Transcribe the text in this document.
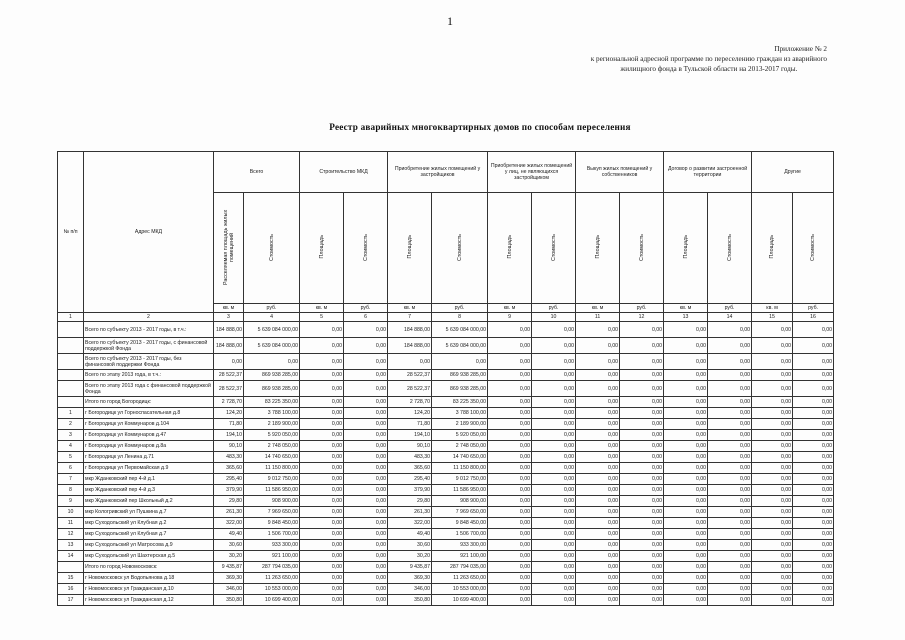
1
Приложение № 2
к региональной адресной программе по переселению граждан из аварийного
жилищного фонда в Тульской области на 2013-2017 годы.
Реестр аварийных многоквартирных домов по способам переселения
№ п/п	Адрес МКД	Всего		Строительство МКД		Приобретение жилых помещений у застройщиков		Приобретение жилых помещений у лиц, не являющихся застройщиком		Выкуп жилых помещений у собственников		Договор о развитии застроенной территории		Другие	
		Расселяемая площадь жилых помещений	Стоимость	Площадь	Стоимость	Площадь	Стоимость	Площадь	Стоимость	Площадь	Стоимость	Площадь	Стоимость	Площадь	Стоимость
		кв. м	руб.	кв. м	руб.	кв. м	руб.	кв. м	руб.	кв. м	руб.	кв. м	руб.	кв. м	руб.
1	2	3	4	5	6	7	8	9	10	11	12	13	14	15	16
	Всего по субъекту 2013 - 2017 годы, в т.ч.:	184 888,00	5 639 084 000,00	0,00	0,00	184 888,00	5 639 084 000,00	0,00	0,00	0,00	0,00	0,00	0,00	0,00	0,00
	Всего по субъекту 2013 - 2017 годы, с финансовой поддержкой Фонда	184 888,00	5 639 084 000,00	0,00	0,00	184 888,00	5 639 084 000,00	0,00	0,00	0,00	0,00	0,00	0,00	0,00	0,00
	Всего по субъекту 2013 - 2017 годы, без финансовой поддержки Фонда	0,00	0,00	0,00	0,00	0,00	0,00	0,00	0,00	0,00	0,00	0,00	0,00	0,00	0,00
	Всего по этапу 2013 года, в т.ч.:	28 522,37	869 938 285,00	0,00	0,00	28 522,37	869 938 285,00	0,00	0,00	0,00	0,00	0,00	0,00	0,00	0,00
	Всего по этапу 2013 года с финансовой поддержкой Фонда	28 522,37	869 938 285,00	0,00	0,00	28 522,37	869 938 285,00	0,00	0,00	0,00	0,00	0,00	0,00	0,00	0,00
	Итого по город Богородицк:	2 728,70	83 225 350,00	0,00	0,00	2 728,70	83 225 350,00	0,00	0,00	0,00	0,00	0,00	0,00	0,00	0,00
1	г Богородицк ул Горноспасательная д.8	124,20	3 788 100,00	0,00	0,00	124,20	3 788 100,00	0,00	0,00	0,00	0,00	0,00	0,00	0,00	0,00
2	г Богородицк ул Коммунаров д.104	71,80	2 189 900,00	0,00	0,00	71,80	2 189 900,00	0,00	0,00	0,00	0,00	0,00	0,00	0,00	0,00
3	г Богородицк ул Коммунаров д.47	194,10	5 920 050,00	0,00	0,00	194,10	5 920 050,00	0,00	0,00	0,00	0,00	0,00	0,00	0,00	0,00
4	г Богородицк ул Коммунаров д.8а	90,10	2 748 050,00	0,00	0,00	90,10	2 748 050,00	0,00	0,00	0,00	0,00	0,00	0,00	0,00	0,00
5	г Богородицк ул Ленина д.71	483,30	14 740 650,00	0,00	0,00	483,30	14 740 650,00	0,00	0,00	0,00	0,00	0,00	0,00	0,00	0,00
6	г Богородицк ул Первомайская д.9	365,60	11 150 800,00	0,00	0,00	365,60	11 150 800,00	0,00	0,00	0,00	0,00	0,00	0,00	0,00	0,00
7	мкр Жданковский пер 4-й д.1	295,40	9 012 750,00	0,00	0,00	295,40	9 012 750,00	0,00	0,00	0,00	0,00	0,00	0,00	0,00	0,00
8	мкр Жданковский пер 4-й д.3	379,90	11 586 950,00	0,00	0,00	379,90	11 586 950,00	0,00	0,00	0,00	0,00	0,00	0,00	0,00	0,00
9	мкр Жданковский пер Школьный д.2	29,80	908 900,00	0,00	0,00	29,80	908 900,00	0,00	0,00	0,00	0,00	0,00	0,00	0,00	0,00
10	мкр Кологривский ул Пушкина д.7	261,30	7 969 650,00	0,00	0,00	261,30	7 969 650,00	0,00	0,00	0,00	0,00	0,00	0,00	0,00	0,00
11	мкр Суходольский ул Клубная д.2	322,00	9 848 450,00	0,00	0,00	322,00	9 848 450,00	0,00	0,00	0,00	0,00	0,00	0,00	0,00	0,00
12	мкр Суходольский ул Клубная д.7	49,40	1 506 700,00	0,00	0,00	49,40	1 506 700,00	0,00	0,00	0,00	0,00	0,00	0,00	0,00	0,00
13	мкр Суходольский ул Матросова д.9	30,60	933 300,00	0,00	0,00	30,60	933 300,00	0,00	0,00	0,00	0,00	0,00	0,00	0,00	0,00
14	мкр Суходольский ул Шахтерская д.5	30,20	921 100,00	0,00	0,00	30,20	921 100,00	0,00	0,00	0,00	0,00	0,00	0,00	0,00	0,00
	Итого по город Новомосковск:	9 435,87	287 794 035,00	0,00	0,00	9 435,87	287 794 035,00	0,00	0,00	0,00	0,00	0,00	0,00	0,00	0,00
15	г Новомосковск ул Водопьянова д.18	369,30	11 263 650,00	0,00	0,00	369,30	11 263 650,00	0,00	0,00	0,00	0,00	0,00	0,00	0,00	0,00
16	г Новомосковск ул Гражданская д.10	346,00	10 553 000,00	0,00	0,00	346,00	10 553 000,00	0,00	0,00	0,00	0,00	0,00	0,00	0,00	0,00
17	г Новомосковск ул Гражданская д.12	350,80	10 699 400,00	0,00	0,00	350,80	10 699 400,00	0,00	0,00	0,00	0,00	0,00	0,00	0,00	0,00
